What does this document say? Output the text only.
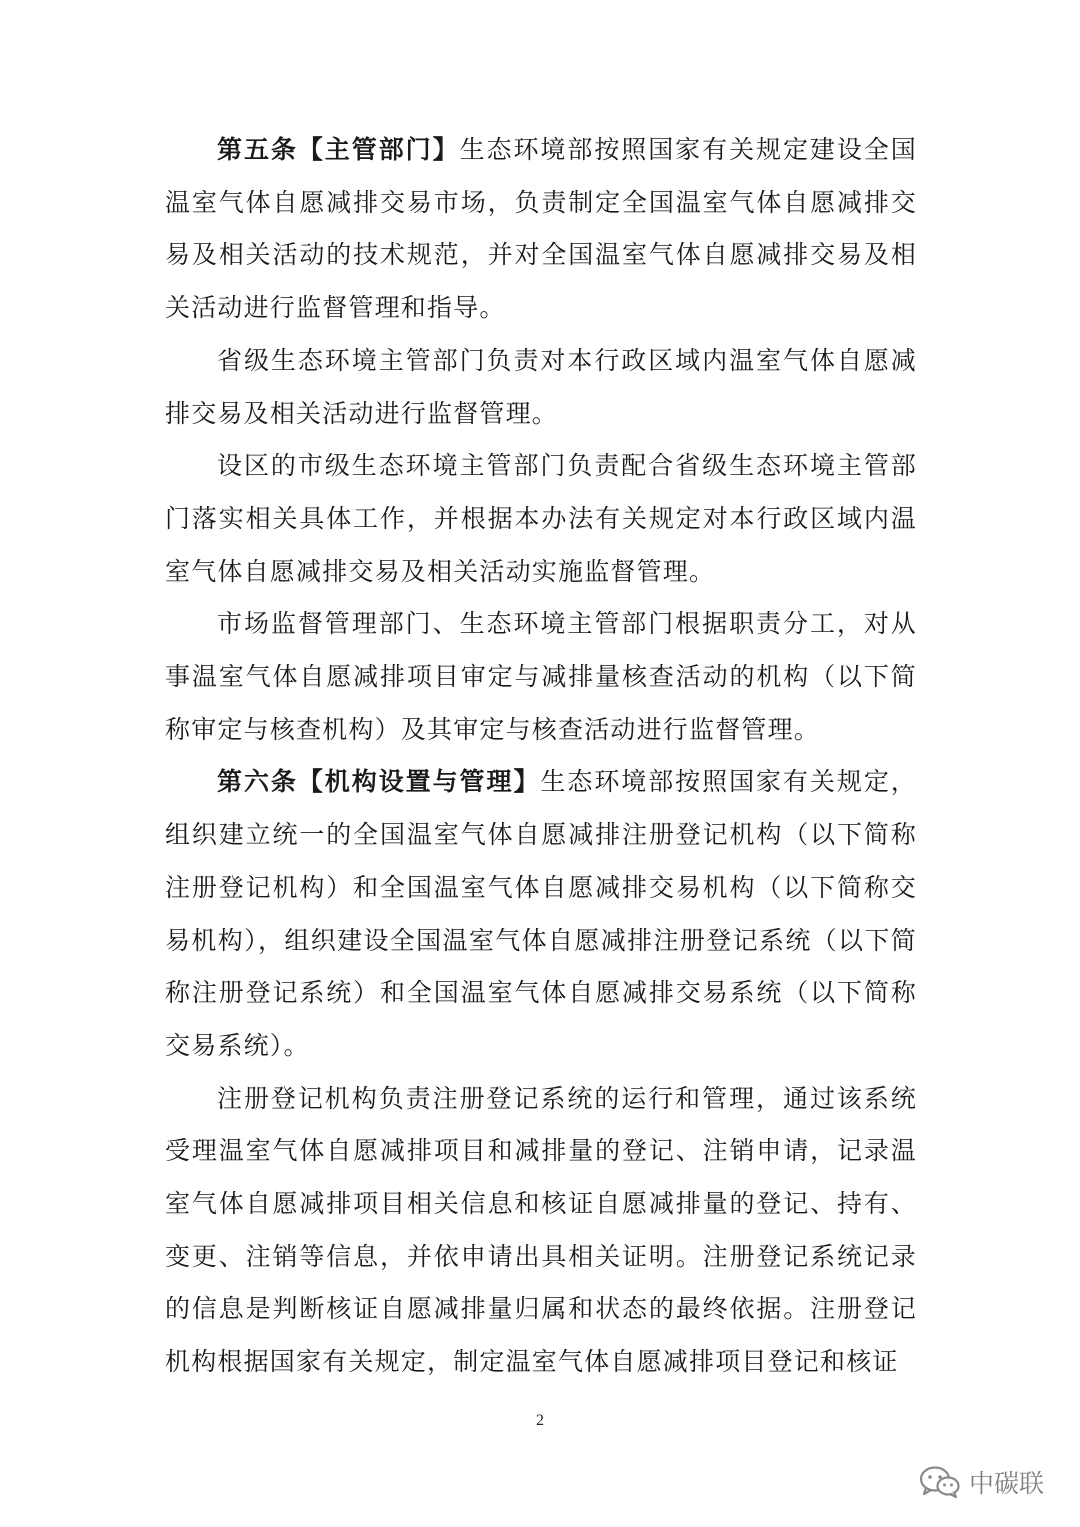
第五条【主管部门】生态环境部按照国家有关规定建设全国温室气体自愿减排交易市场，负责制定全国温室气体自愿减排交易及相关活动的技术规范，并对全国温室气体自愿减排交易及相关活动进行监督管理和指导。

省级生态环境主管部门负责对本行政区域内温室气体自愿减排交易及相关活动进行监督管理。

设区的市级生态环境主管部门负责配合省级生态环境主管部门落实相关具体工作，并根据本办法有关规定对本行政区域内温室气体自愿减排交易及相关活动实施监督管理。

市场监督管理部门、生态环境主管部门根据职责分工，对从事温室气体自愿减排项目审定与减排量核查活动的机构（以下简称审定与核查机构）及其审定与核查活动进行监督管理。

第六条【机构设置与管理】生态环境部按照国家有关规定，组织建立统一的全国温室气体自愿减排注册登记机构（以下简称注册登记机构）和全国温室气体自愿减排交易机构（以下简称交易机构），组织建设全国温室气体自愿减排注册登记系统（以下简称注册登记系统）和全国温室气体自愿减排交易系统（以下简称交易系统）。

注册登记机构负责注册登记系统的运行和管理，通过该系统受理温室气体自愿减排项目和减排量的登记、注销申请，记录温室气体自愿减排项目相关信息和核证自愿减排量的登记、持有、变更、注销等信息，并依申请出具相关证明。注册登记系统记录的信息是判断核证自愿减排量归属和状态的最终依据。注册登记机构根据国家有关规定，制定温室气体自愿减排项目登记和核证

2
中碳联
